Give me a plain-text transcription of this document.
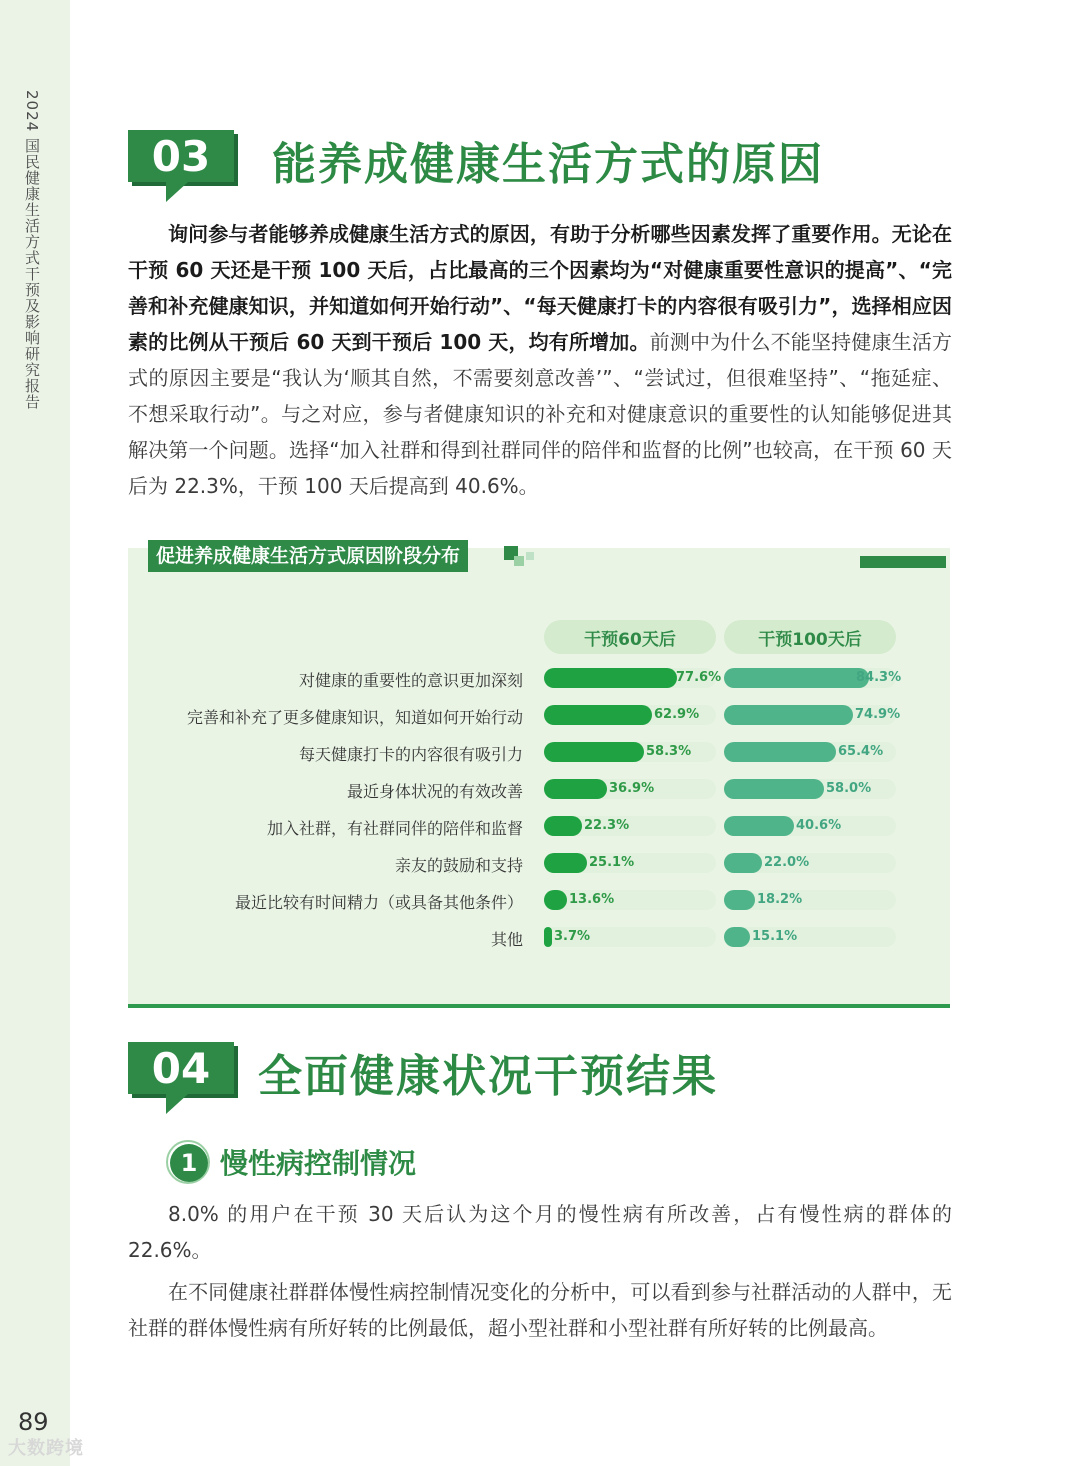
2024 国民健康生活方式干预及影响研究报告	03	能养成健康生活方式的原因
询问参与者能够养成健康生活方式的原因，有助于分析哪些因素发挥了重要作用。无论在干预 60 天还是干预 100 天后，占比最高的三个因素均为“对健康重要性意识的提高”、“完善和补充健康知识，并知道如何开始行动”、“每天健康打卡的内容很有吸引力”，选择相应因素的比例从干预后 60 天到干预后 100 天，均有所增加。前测中为什么不能坚持健康生活方式的原因主要是“我认为‘顺其自然，不需要刻意改善’”、“尝试过，但很难坚持”、“拖延症、不想采取行动”。与之对应，参与者健康知识的补充和对健康意识的重要性的认知能够促进其解决第一个问题。选择“加入社群和得到社群同伴的陪伴和监督的比例”也较高，在干预 60 天后为 22.3%，干预 100 天后提高到 40.6%。
促进养成健康生活方式原因阶段分布
干预60天后	干预100天后
对健康的重要性的意识更加深刻	77.6%	84.3%
完善和补充了更多健康知识，知道如何开始行动	62.9%	74.9%
每天健康打卡的内容很有吸引力	58.3%	65.4%
最近身体状况的有效改善	36.9%	58.0%
加入社群，有社群同伴的陪伴和监督	22.3%	40.6%
亲友的鼓励和支持	25.1%	22.0%
最近比较有时间精力（或具备其他条件）	13.6%	18.2%
其他 3.7%	15.1%
04	全面健康状况干预结果
1 慢性病控制情况
8.0% 的用户在干预 30 天后认为这个月的慢性病有所改善，占有慢性病的群体的 22.6%。
在不同健康社群群体慢性病控制情况变化的分析中，可以看到参与社群活动的人群中，无社群的群体慢性病有所好转的比例最低，超小型社群和小型社群有所好转的比例最高。
89
大数跨境
